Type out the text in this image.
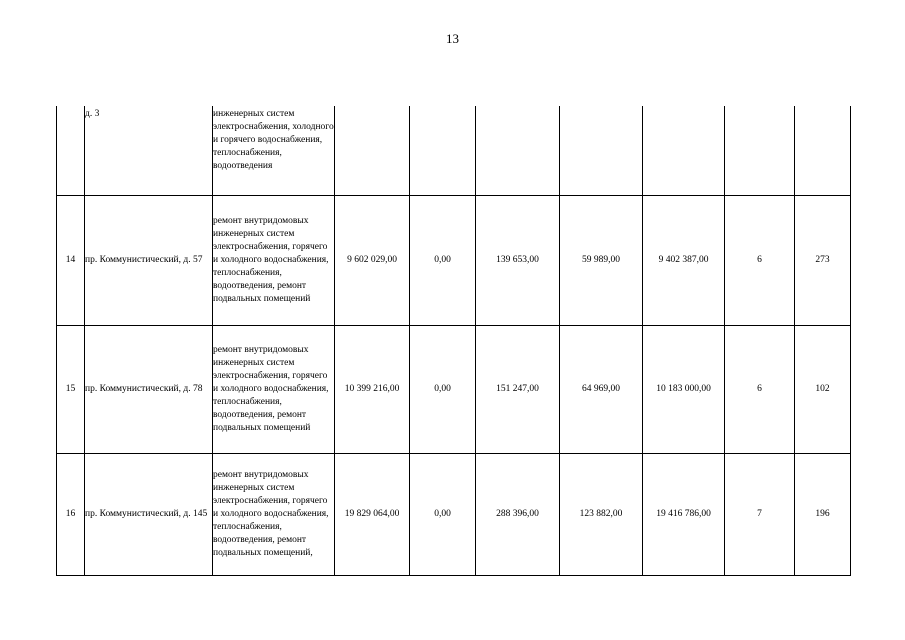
13
	д. 3	инженерных систем электроснабжения, холодного и горячего водоснабжения, теплоснабжения, водоотведения							
14	пр. Коммунистический, д. 57	ремонт внутридомовых инженерных систем электроснабжения, горячего и холодного водоснабжения, теплоснабжения, водоотведения, ремонт подвальных помещений	9 602 029,00	0,00	139 653,00	59 989,00	9 402 387,00	6	273
15	пр. Коммунистический, д. 78	ремонт внутридомовых инженерных систем электроснабжения, горячего и холодного водоснабжения, теплоснабжения, водоотведения, ремонт подвальных помещений	10 399 216,00	0,00	151 247,00	64 969,00	10 183 000,00	6	102
16	пр. Коммунистический, д. 145	ремонт внутридомовых инженерных систем электроснабжения, горячего и холодного водоснабжения, теплоснабжения, водоотведения, ремонт подвальных помещений,	19 829 064,00	0,00	288 396,00	123 882,00	19 416 786,00	7	196
